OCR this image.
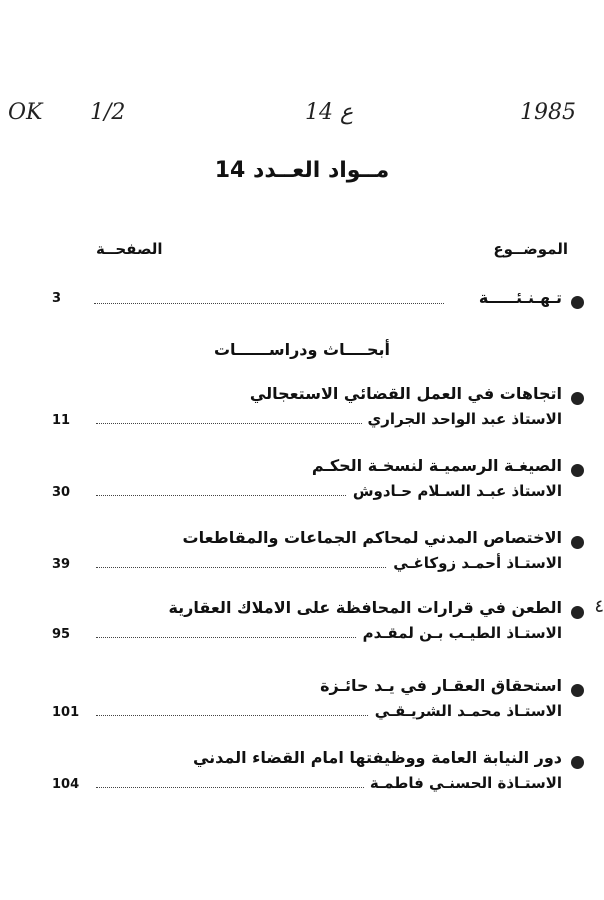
OK 1/2	14 ع	1985
مــواد العــدد 14
الموضــوع
الصفحــة
تـهـنـئـــــة
3
أبحــــاث ودراســــــات
اتجاهات في العمل القضائي الاستعجالي
الاستاذ عبد الواحد الجراري
11
الصيغـة الرسميـة لنسخـة الحكـم
الاستاذ عبـد السـلام حـادوش
30
الاختصاص المدني لمحاكم الجماعات والمقاطعات
الاستـاذ أحمـد زوكاغـي
39
الطعن في قرارات المحافظة على الاملاك العقارية
الاستـاذ الطيـب بـن لمقـدم
95
استحقاق العقـار في يـد حائـزة
الاستـاذ محمـد الشريـقـي
101
دور النيابة العامة ووظيفتها امام القضاء المدني
الاستـاذة الحسنـي فاطمـة
104
٤
